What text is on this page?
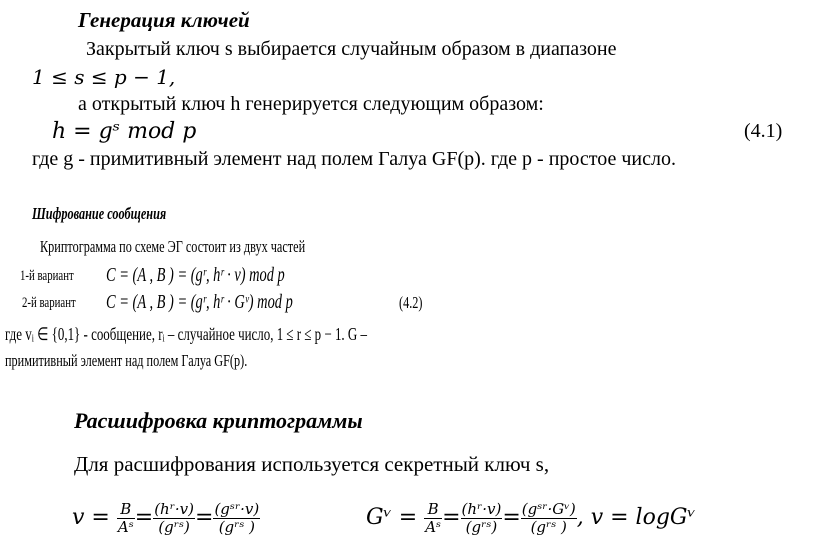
Генерация ключей
Закрытый ключ s выбирается случайным образом в диапазоне
1 ≤ s ≤ p − 1,
а открытый ключ h генерируется следующим образом:
h = gˢ mod p	(4.1)
где g - примитивный элемент над полем Галуа GF(p). где р - простое число.
Шифрование сообщения
Криптограмма по схеме ЭГ состоит из двух частей
1-й вариант C = (A , B ) = (gʳ, hʳ · v) mod p
2-й вариант C = (A , B ) = (gʳ, hʳ · Gᵛ) mod p	(4.2)
где vᵢ ∈ {0,1} - сообщение, rᵢ – случайное число, 1 ≤ r ≤ p − 1. G –
примитивный элемент над полем Галуа GF(p).
Расшифровка криптограммы
Для расшифрования используется секретный ключ s,
$v = \frac{B}{\text{Aˢ}} = \frac{\text{(hʳ·v)}}{\text{(gʳˢ)}} = \frac{\text{(gˢʳ·v)}}{\text{(gʳˢ )}}$	Gᵛ = $\frac{B}{\text{Aˢ}} = \frac{\text{(hʳ·v)}}{\text{(gʳˢ)}} = \frac{\text{(gˢʳ·Gᵛ)}}{\text{(gʳˢ )}}$ , v = logGᵛ
